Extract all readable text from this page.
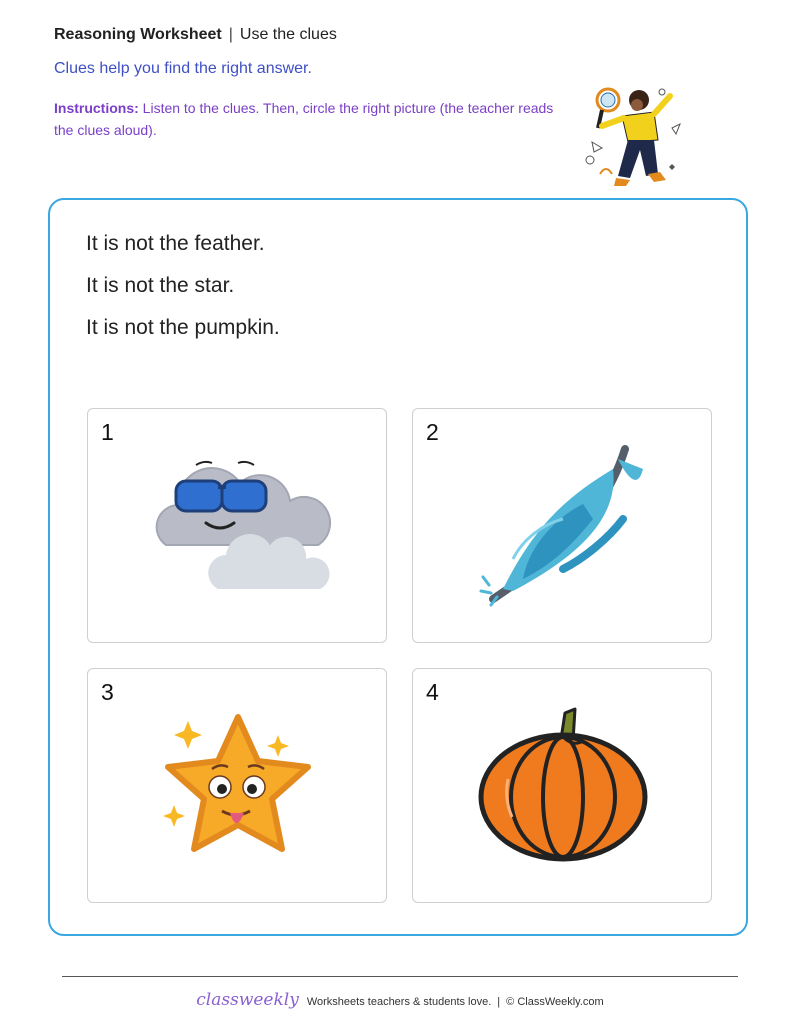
Reasoning Worksheet | Use the clues
Clues help you find the right answer.
Instructions: Listen to the clues. Then, circle the right picture (the teacher reads the clues aloud).
It is not the feather.
It is not the star.
It is not the pumpkin.
1	2
3	4
classweekly Worksheets teachers & students love. | © ClassWeekly.com
